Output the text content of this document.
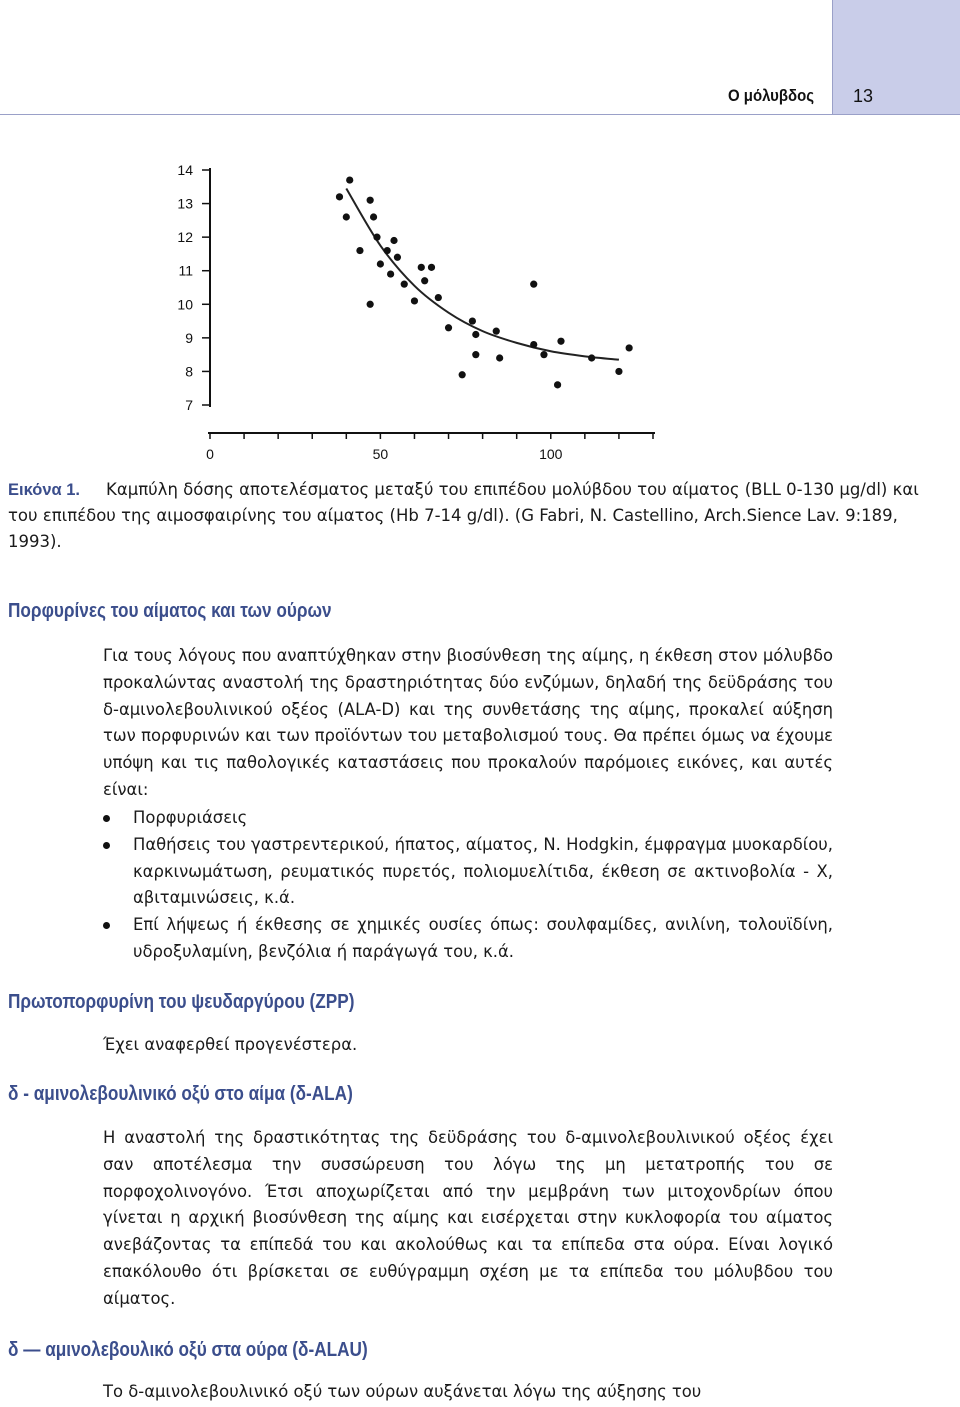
Ο μόλυβδος 13
14
13
12
11
10
9
8
7
0	50	100
Εικόνα 1. Καμπύλη δόσης αποτελέσματος μεταξύ του επιπέδου μολύβδου του αίματος (BLL 0-130 μg/dl) και του επιπέδου της αιμοσφαιρίνης του αίματος (Hb 7-14 g/dl). (G Fabri, N. Castellino, Arch.Sience Lav. 9:189, 1993).
Πορφυρίνες του αίματος και των ούρων
Για τους λόγους που αναπτύχθηκαν στην βιοσύνθεση της αίμης, η έκθεση στον μόλυβδο προκαλώντας αναστολή της δραστηριότητας δύο ενζύμων, δηλαδή της δεϋδράσης του δ-αμινολεβουλινικού οξέος (ALA-D) και της συνθετάσης της αίμης, προκαλεί αύξηση των πορφυρινών και των προϊόντων του μεταβολισμού τους. Θα πρέπει όμως να έχουμε υπόψη και τις παθολογικές καταστάσεις που προκαλούν παρόμοιες εικόνες, και αυτές είναι:
Πορφυριάσεις
Παθήσεις του γαστρεντερικού, ήπατος, αίματος, N. Hodgkin, έμφραγμα μυοκαρδίου, καρκινωμάτωση, ρευματικός πυρετός, πολιομυελίτιδα, έκθεση σε ακτινοβολία - X, αβιταμινώσεις, κ.ά.
Επί λήψεως ή έκθεσης σε χημικές ουσίες όπως: σουλφαμίδες, ανιλίνη, τολουϊδίνη, υδροξυλαμίνη, βενζόλια ή παράγωγά του, κ.ά.
Πρωτοπορφυρίνη του ψευδαργύρου (ZPP)
Έχει αναφερθεί προγενέστερα.
δ - αμινολεβουλινικό οξύ στο αίμα (δ-ALA)
Η αναστολή της δραστικότητας της δεϋδράσης του δ-αμινολεβουλινικού οξέος έχει σαν αποτέλεσμα την συσσώρευση του λόγω της μη μετατροπής του σε πορφοχολινογόνο. Έτσι αποχωρίζεται από την μεμβράνη των μιτοχονδρίων όπου γίνεται η αρχική βιοσύνθεση της αίμης και εισέρχεται στην κυκλοφορία του αίματος ανεβάζοντας τα επίπεδά του και ακολούθως και τα επίπεδα στα ούρα. Είναι λογικό επακόλουθο ότι βρίσκεται σε ευθύγραμμη σχέση με τα επίπεδα του μόλυβδου του αίματος.
δ — αμινολεβουλικό οξύ στα ούρα (δ-ALAU)
Το δ-αμινολεβουλινικό οξύ των ούρων αυξάνεται λόγω της αύξησης του
